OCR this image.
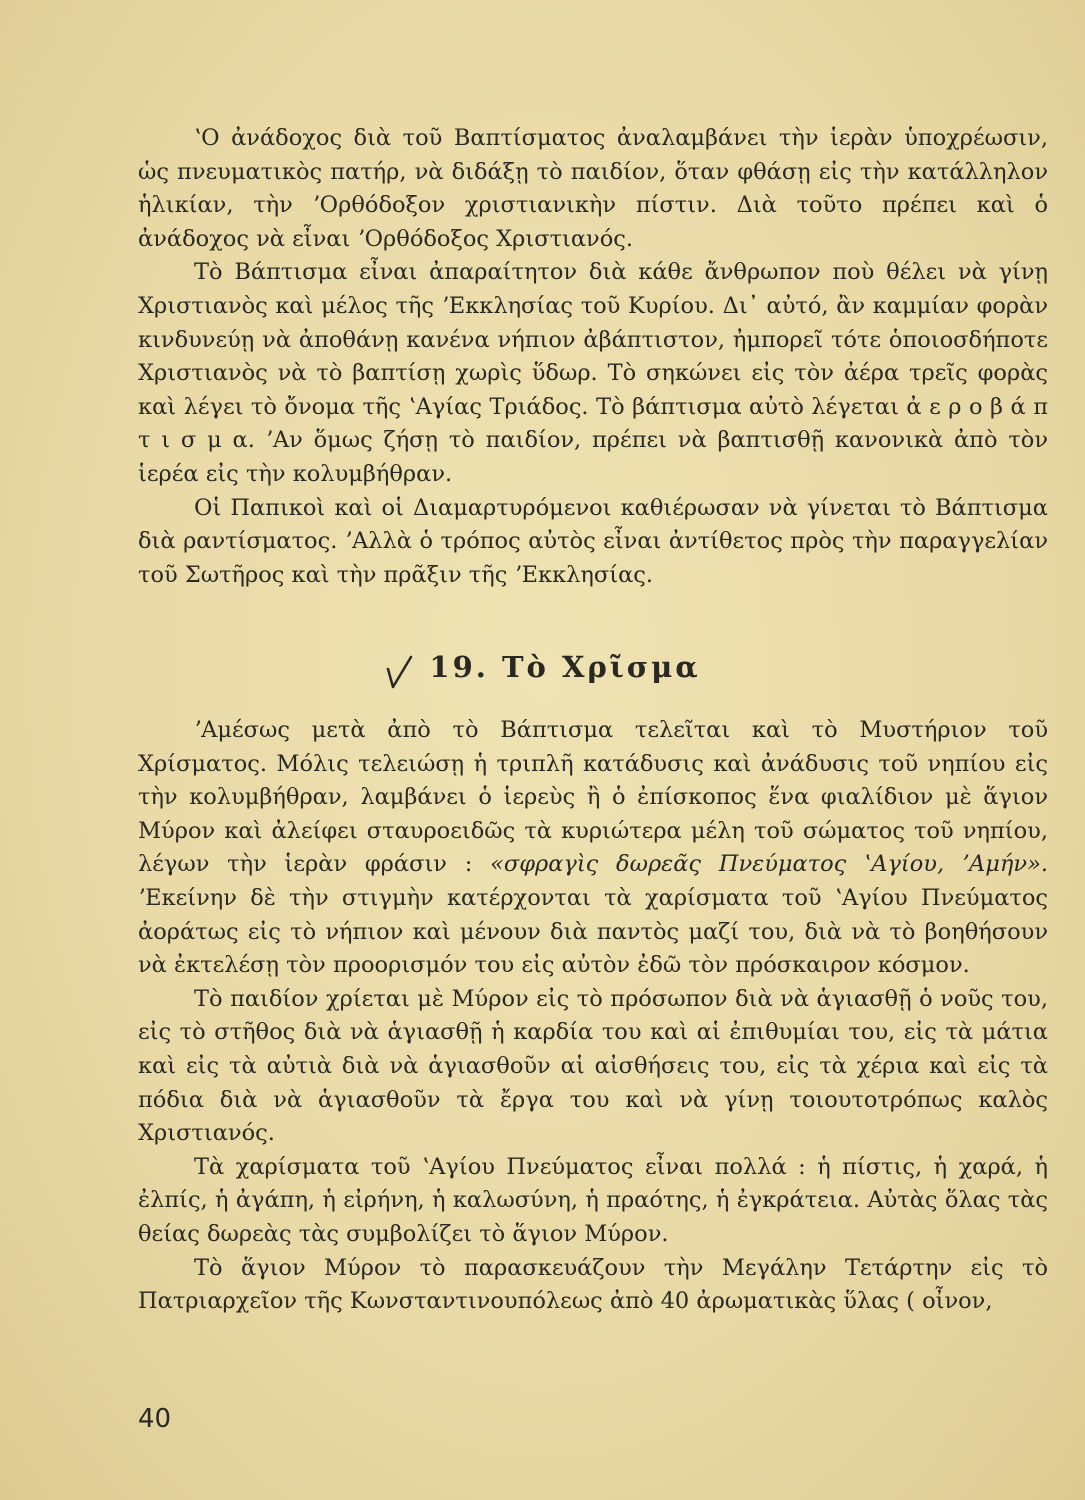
ʽΟ ἀνάδοχος διὰ τοῦ Βαπτίσματος ἀναλαμβάνει τὴν ἱερὰν ὑποχρέωσιν, ὡς πνευματικὸς πατήρ, νὰ διδάξῃ τὸ παιδίον, ὅταν φθάσῃ εἰς τὴν κατάλληλον ἡλικίαν, τὴν ʼΟρθόδοξον χριστιανικὴν πίστιν. Διὰ τοῦτο πρέπει καὶ ὁ ἀνάδοχος νὰ εἶναι ʼΟρθόδοξος Χριστιανός.

Τὸ Βάπτισμα εἶναι ἀπαραίτητον διὰ κάθε ἄνθρωπον ποὺ θέλει νὰ γίνῃ Χριστιανὸς καὶ μέλος τῆς ʼΕκκλησίας τοῦ Κυρίου. Δι᾿ αὐτό, ἂν καμμίαν φορὰν κινδυνεύῃ νὰ ἀποθάνῃ κανένα νήπιον ἀβάπτιστον, ἠμπορεῖ τότε ὁποιοσδήποτε Χριστιανὸς νὰ τὸ βαπτίσῃ χωρὶς ὕδωρ. Τὸ σηκώνει εἰς τὸν ἀέρα τρεῖς φορὰς καὶ λέγει τὸ ὄνομα τῆς ʽΑγίας Τριάδος. Τὸ βάπτισμα αὐτὸ λέγεται ἀ ε ρ ο β ά π τ ι σ μ α. ʼΑν ὅμως ζήσῃ τὸ παιδίον, πρέπει νὰ βαπτισθῇ κανονικὰ ἀπὸ τὸν ἱερέα εἰς τὴν κολυμβήθραν.

Οἱ Παπικοὶ καὶ οἱ Διαμαρτυρόμενοι καθιέρωσαν νὰ γίνεται τὸ Βάπτισμα διὰ ραντίσματος. ʼΑλλὰ ὁ τρόπος αὐτὸς εἶναι ἀντίθετος πρὸς τὴν παραγγελίαν τοῦ Σωτῆρος καὶ τὴν πρᾶξιν τῆς ʼΕκκλησίας.

19. Τὸ Χρῖσμα

ʼΑμέσως μετὰ ἀπὸ τὸ Βάπτισμα τελεῖται καὶ τὸ Μυστήριον τοῦ Χρίσματος. Μόλις τελειώσῃ ἡ τριπλῆ κατάδυσις καὶ ἀνάδυσις τοῦ νηπίου εἰς τὴν κολυμβήθραν, λαμβάνει ὁ ἱερεὺς ἢ ὁ ἐπίσκοπος ἕνα φιαλίδιον μὲ ἅγιον Μύρον καὶ ἀλείφει σταυροειδῶς τὰ κυριώτερα μέλη τοῦ σώματος τοῦ νηπίου, λέγων τὴν ἱερὰν φράσιν : «σφραγὶς δωρεᾶς Πνεύματος ʽΑγίου, ʼΑμήν». ʼΕκείνην δὲ τὴν στιγμὴν κατέρχονται τὰ χαρίσματα τοῦ ʽΑγίου Πνεύματος ἀοράτως εἰς τὸ νήπιον καὶ μένουν διὰ παντὸς μαζί του, διὰ νὰ τὸ βοηθήσουν νὰ ἐκτελέσῃ τὸν προορισμόν του εἰς αὐτὸν ἐδῶ τὸν πρόσκαιρον κόσμον.

Τὸ παιδίον χρίεται μὲ Μύρον εἰς τὸ πρόσωπον διὰ νὰ ἁγιασθῇ ὁ νοῦς του, εἰς τὸ στῆθος διὰ νὰ ἁγιασθῇ ἡ καρδία του καὶ αἱ ἐπιθυμίαι του, εἰς τὰ μάτια καὶ εἰς τὰ αὐτιὰ διὰ νὰ ἁγιασθοῦν αἱ αἰσθήσεις του, εἰς τὰ χέρια καὶ εἰς τὰ πόδια διὰ νὰ ἁγιασθοῦν τὰ ἔργα του καὶ νὰ γίνῃ τοιουτοτρόπως καλὸς Χριστιανός.

Τὰ χαρίσματα τοῦ ʽΑγίου Πνεύματος εἶναι πολλά : ἡ πίστις, ἡ χαρά, ἡ ἐλπίς, ἡ ἀγάπη, ἡ εἰρήνη, ἡ καλωσύνη, ἡ πραότης, ἡ ἐγκράτεια. Αὐτὰς ὅλας τὰς θείας δωρεὰς τὰς συμβολίζει τὸ ἅγιον Μύρον.

Τὸ ἅγιον Μύρον τὸ παρασκευάζουν τὴν Μεγάλην Τετάρτην εἰς τὸ Πατριαρχεῖον τῆς Κωνσταντινουπόλεως ἀπὸ 40 ἀρωματικὰς ὕλας ( οἶνον,

40
